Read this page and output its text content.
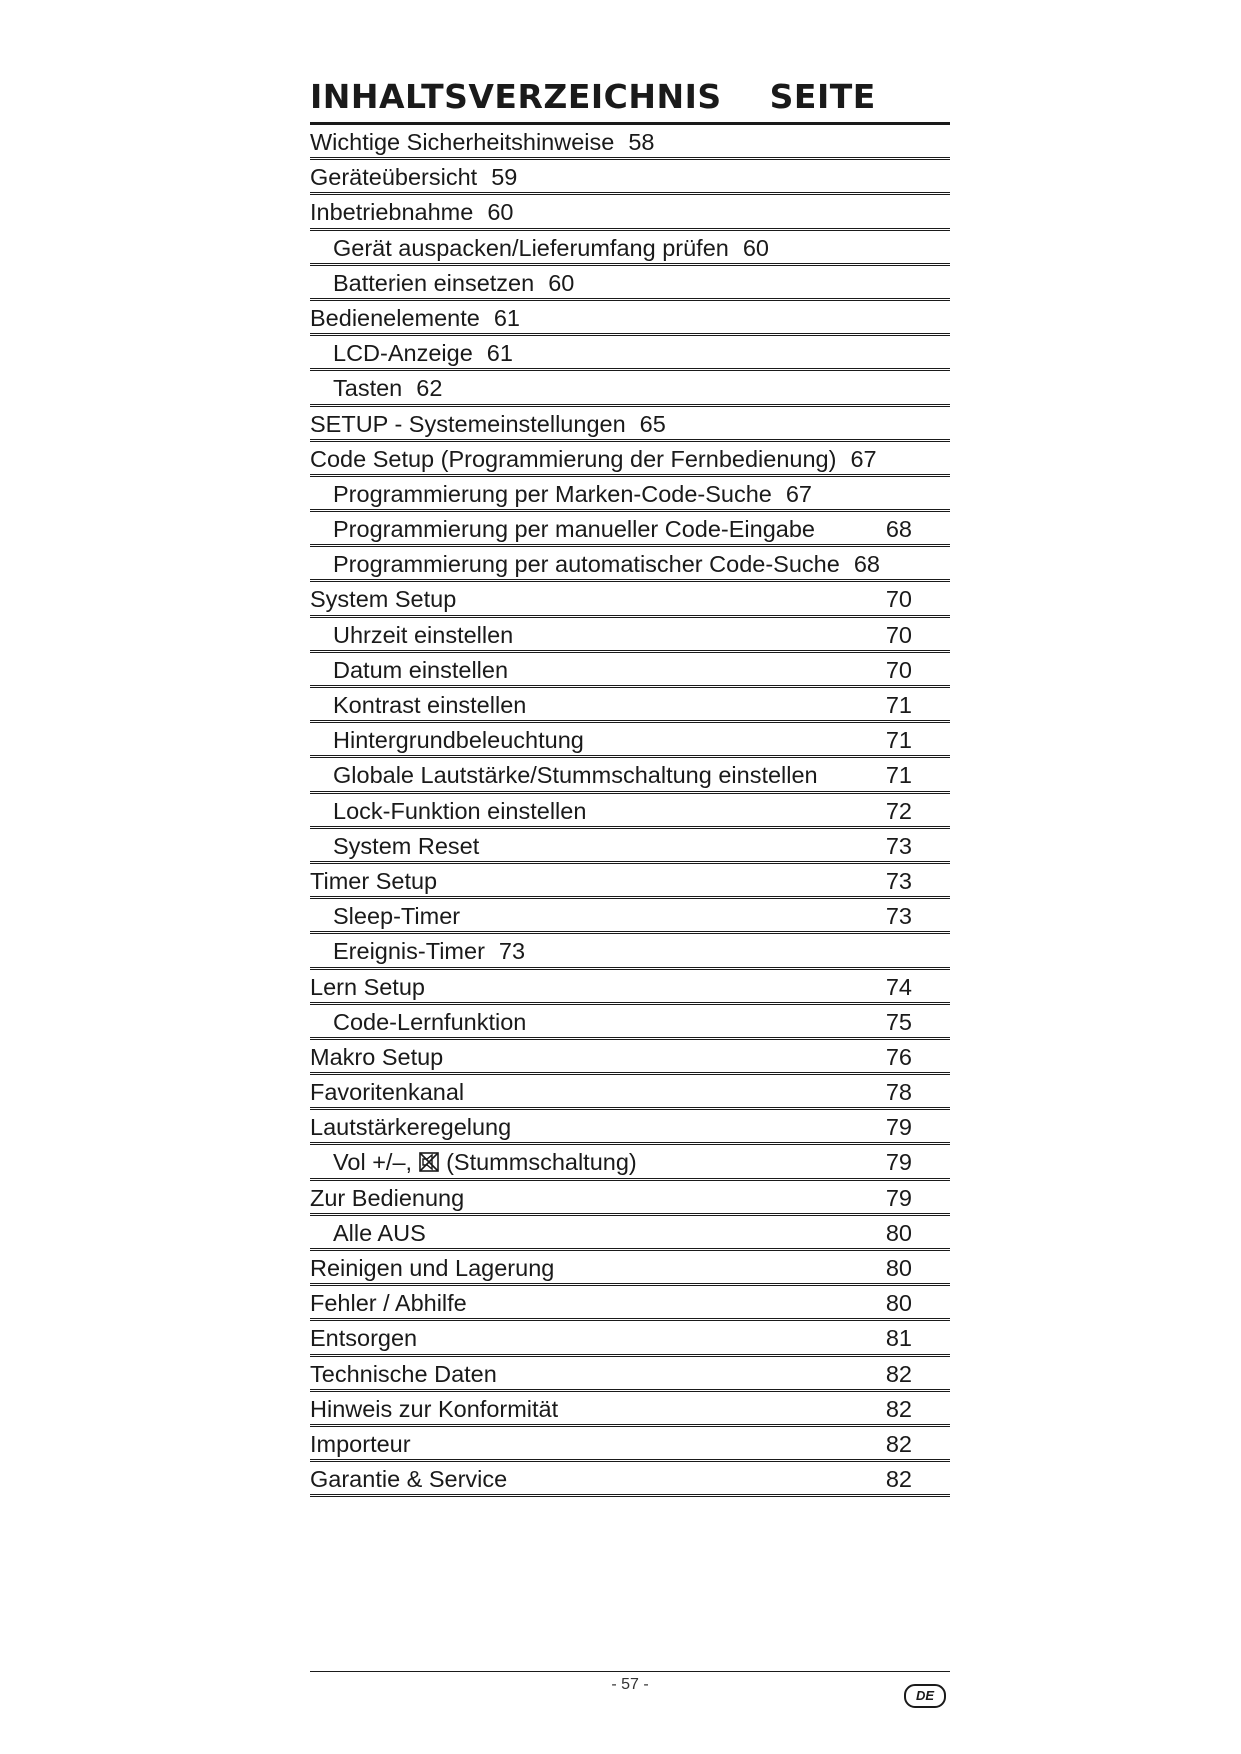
INHALTSVERZEICHNIS SEITE
Wichtige Sicherheitshinweise 58
Geräteübersicht 59
Inbetriebnahme 60
Gerät auspacken/Lieferumfang prüfen 60
Batterien einsetzen 60
Bedienelemente 61
LCD-Anzeige 61
Tasten 62
SETUP - Systemeinstellungen 65
Code Setup (Programmierung der Fernbedienung) 67
Programmierung per Marken-Code-Suche 67
Programmierung per manueller Code-Eingabe	68
Programmierung per automatischer Code-Suche 68
System Setup	70
Uhrzeit einstellen	70
Datum einstellen	70
Kontrast einstellen	71
Hintergrundbeleuchtung	71
Globale Lautstärke/Stummschaltung einstellen	71
Lock-Funktion einstellen	72
System Reset	73
Timer Setup	73
Sleep-Timer	73
Ereignis-Timer 73
Lern Setup	74
Code-Lernfunktion	75
Makro Setup	76
Favoritenkanal	78
Lautstärkeregelung	79
Vol +/–, (Stummschaltung)	79
Zur Bedienung	79
Alle AUS	80
Reinigen und Lagerung	80
Fehler / Abhilfe	80
Entsorgen	81
Technische Daten	82
Hinweis zur Konformität	82
Importeur	82
Garantie & Service	82
- 57 -
DE
